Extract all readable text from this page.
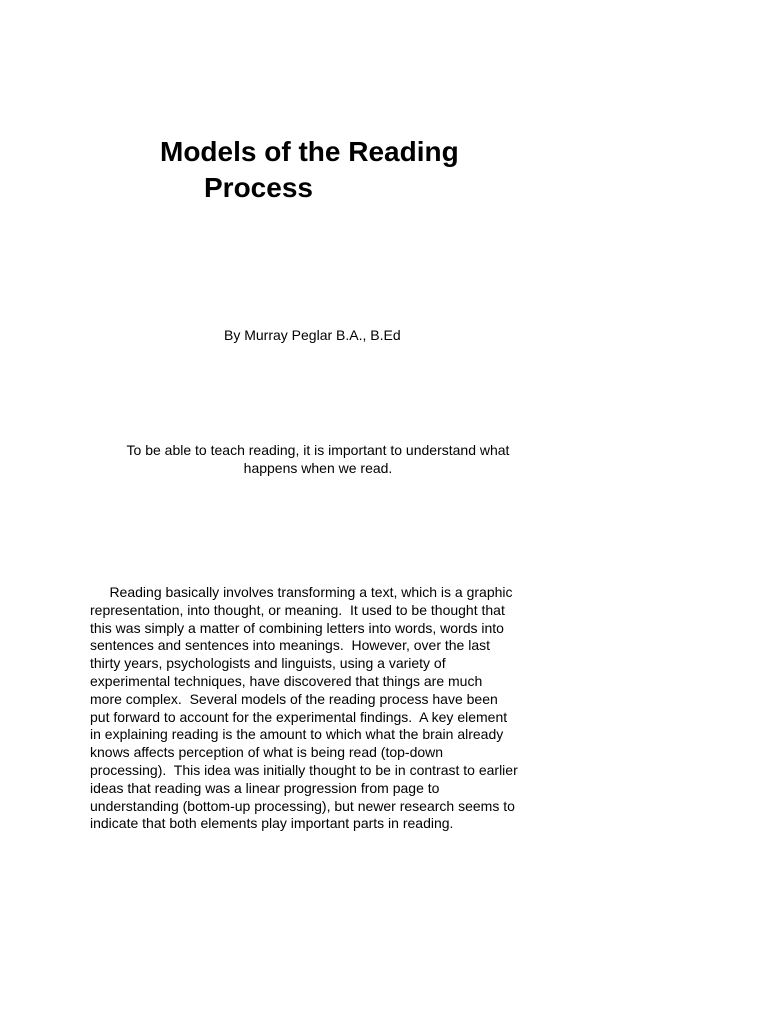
Models of the Reading
Process

By Murray Peglar B.A., B.Ed

To be able to teach reading, it is important to understand what
happens when we read.

Reading basically involves transforming a text, which is a graphic
representation, into thought, or meaning.  It used to be thought that
this was simply a matter of combining letters into words, words into
sentences and sentences into meanings.  However, over the last
thirty years, psychologists and linguists, using a variety of
experimental techniques, have discovered that things are much
more complex.  Several models of the reading process have been
put forward to account for the experimental findings.  A key element
in explaining reading is the amount to which what the brain already
knows affects perception of what is being read (top-down
processing).  This idea was initially thought to be in contrast to earlier
ideas that reading was a linear progression from page to
understanding (bottom-up processing), but newer research seems to
indicate that both elements play important parts in reading.
